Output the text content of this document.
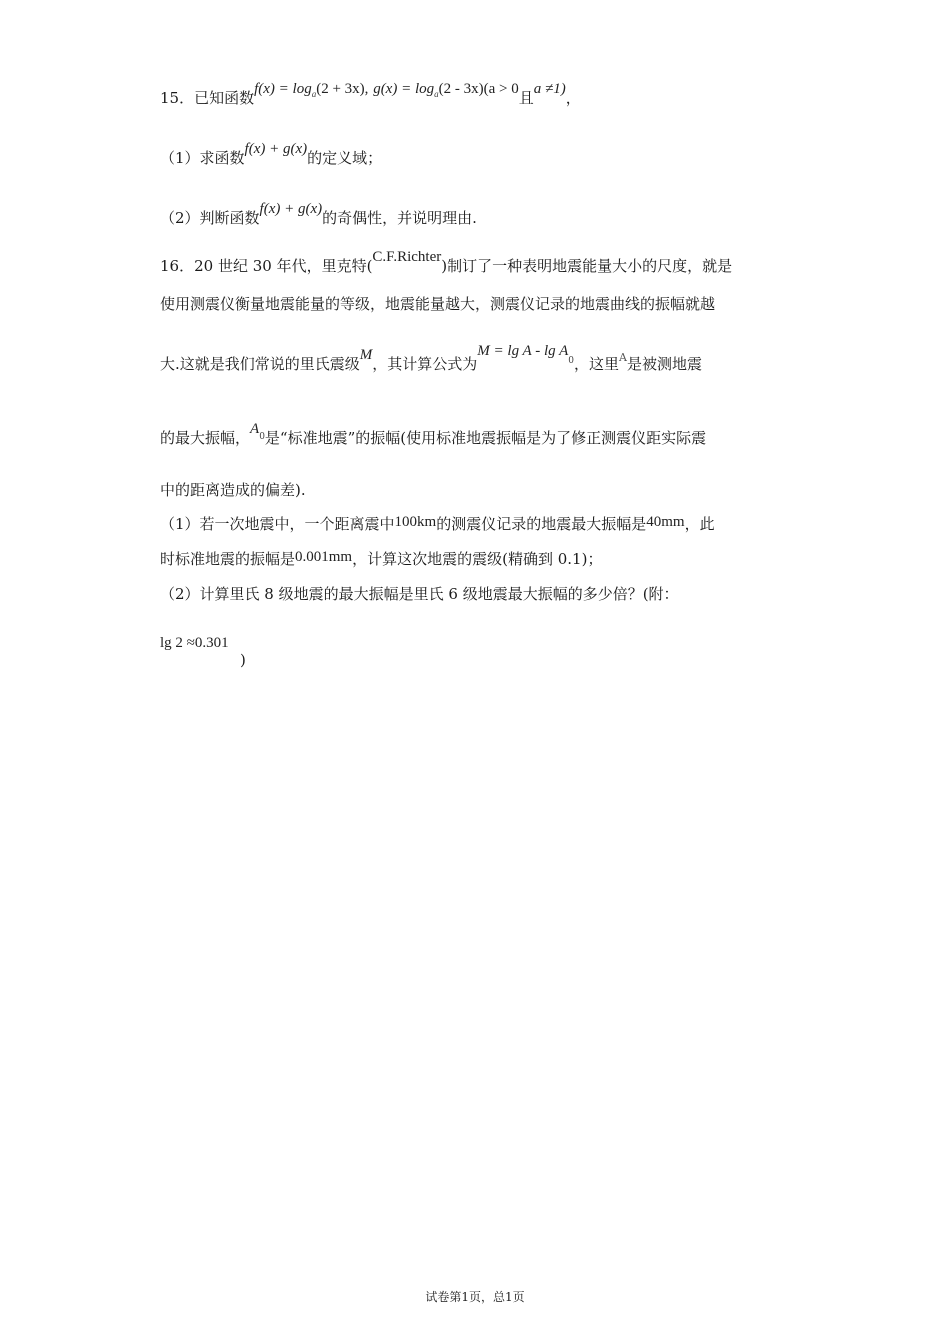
15．已知函数$f(x) = \log_a(2 + 3x)$, $g(x) = \log_a(2 - 3x)(a > 0$且a ≠1)，
（1）求函数f(x) + g(x)的定义域；
（2）判断函数f(x) + g(x)的奇偶性，并说明理由.
16．20 世纪 30 年代，里克特(C.F.Richter)制订了一种表明地震能量大小的尺度，就是
使用测震仪衡量地震能量的等级，地震能量越大，测震仪记录的地震曲线的振幅就越
大.这就是我们常说的里氏震级M，其计算公式为$M = \lg A - \lg A^0$，这里$^A$是被测地震
的最大振幅，$A^0$是“标准地震”的振幅(使用标准地震振幅是为了修正测震仪距实际震
中的距离造成的偏差).
（1）若一次地震中，一个距离震中100km的测震仪记录的地震最大振幅是40mm，此
时标准地震的振幅是0.001mm，计算这次地震的震级(精确到 0.1)；
（2）计算里氏 8 级地震的最大振幅是里氏 6 级地震最大振幅的多少倍？(附：
lg 2 ≈0.301
)
试卷第1页，总1页
